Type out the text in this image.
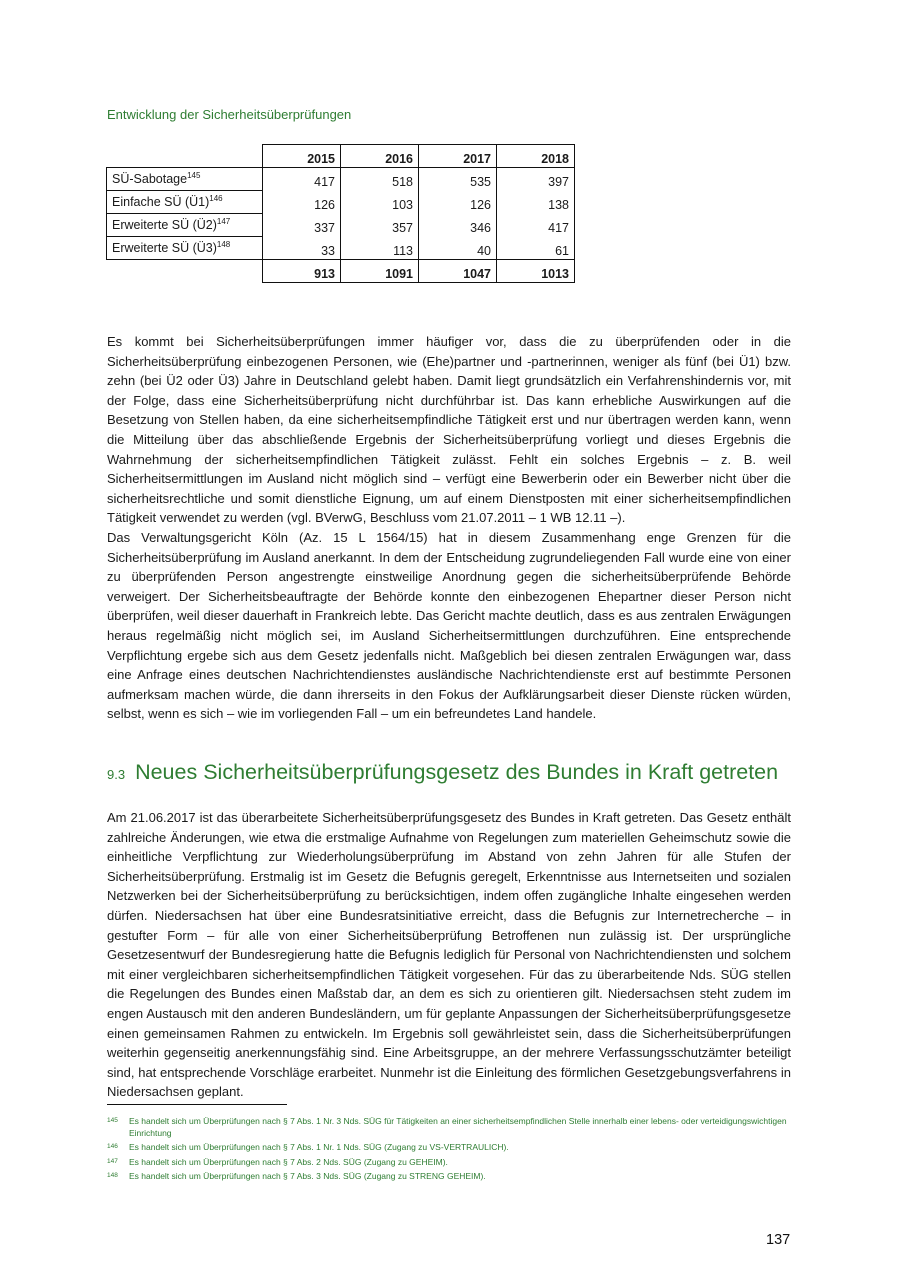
Entwicklung der Sicherheitsüberprüfungen
	2015	2016	2017	2018
SÜ-Sabotage$^{145}$	417	518	535	397
Einfache SÜ (Ü1)$^{146}$	126	103	126	138
Erweiterte SÜ (Ü2)$^{147}$	337	357	346	417
Erweiterte SÜ (Ü3)$^{148}$	33	113	40	61
	913	1091	1047	1013

Es kommt bei Sicherheitsüberprüfungen immer häufiger vor, dass die zu überprüfenden oder in die Sicherheitsüberprüfung einbezogenen Personen, wie (Ehe)partner und -partnerinnen, weniger als fünf (bei Ü1) bzw. zehn (bei Ü2 oder Ü3) Jahre in Deutschland gelebt haben. Damit liegt grundsätzlich ein Verfahrenshindernis vor, mit der Folge, dass eine Sicherheitsüberprüfung nicht durchführbar ist. Das kann erhebliche Auswirkungen auf die Besetzung von Stellen haben, da eine sicherheitsempfindliche Tätigkeit erst und nur übertragen werden kann, wenn die Mitteilung über das abschließende Ergebnis der Sicherheitsüberprüfung vorliegt und dieses Ergebnis die Wahrnehmung der sicherheitsempfindlichen Tätigkeit zulässt. Fehlt ein solches Ergebnis – z. B. weil Sicherheitsermittlungen im Ausland nicht möglich sind – verfügt eine Bewerberin oder ein Bewerber nicht über die sicherheitsrechtliche und somit dienstliche Eignung, um auf einem Dienstposten mit einer sicherheitsempfindlichen Tätigkeit verwendet zu werden (vgl. BVerwG, Beschluss vom 21.07.2011 – 1 WB 12.11 –).

Das Verwaltungsgericht Köln (Az. 15 L 1564/15) hat in diesem Zusammenhang enge Grenzen für die Sicherheitsüberprüfung im Ausland anerkannt. In dem der Entscheidung zugrundeliegenden Fall wurde eine von einer zu überprüfenden Person angestrengte einstweilige Anordnung gegen die sicherheitsüberprüfende Behörde verweigert. Der Sicherheitsbeauftragte der Behörde konnte den einbezogenen Ehepartner dieser Person nicht überprüfen, weil dieser dauerhaft in Frankreich lebte. Das Gericht machte deutlich, dass es aus zentralen Erwägungen heraus regelmäßig nicht möglich sei, im Ausland Sicherheitsermittlungen durchzuführen. Eine entsprechende Verpflichtung ergebe sich aus dem Gesetz jedenfalls nicht. Maßgeblich bei diesen zentralen Erwägungen war, dass eine Anfrage eines deutschen Nachrichtendienstes ausländische Nachrichtendienste erst auf bestimmte Personen aufmerksam machen würde, die dann ihrerseits in den Fokus der Aufklärungsarbeit dieser Dienste rücken würden, selbst, wenn es sich – wie im vorliegenden Fall – um ein befreundetes Land handele.

9.3 Neues Sicherheitsüberprüfungsgesetz des Bundes in Kraft getreten

Am 21.06.2017 ist das überarbeitete Sicherheitsüberprüfungsgesetz des Bundes in Kraft getreten. Das Gesetz enthält zahlreiche Änderungen, wie etwa die erstmalige Aufnahme von Regelungen zum materiellen Geheimschutz sowie die einheitliche Verpflichtung zur Wiederholungsüberprüfung im Abstand von zehn Jahren für alle Stufen der Sicherheitsüberprüfung. Erstmalig ist im Gesetz die Befugnis geregelt, Erkenntnisse aus Internetseiten und sozialen Netzwerken bei der Sicherheitsüberprüfung zu berücksichtigen, indem offen zugängliche Inhalte eingesehen werden dürfen. Niedersachsen hat über eine Bundesratsinitiative erreicht, dass die Befugnis zur Internetrecherche – in gestufter Form – für alle von einer Sicherheitsüberprüfung Betroffenen nun zulässig ist. Der ursprüngliche Gesetzesentwurf der Bundesregierung hatte die Befugnis lediglich für Personal von Nachrichtendiensten und solchem mit einer vergleichbaren sicherheitsempfindlichen Tätigkeit vorgesehen. Für das zu überarbeitende Nds. SÜG stellen die Regelungen des Bundes einen Maßstab dar, an dem es sich zu orientieren gilt. Niedersachsen steht zudem im engen Austausch mit den anderen Bundesländern, um für geplante Anpassungen der Sicherheitsüberprüfungsgesetze einen gemeinsamen Rahmen zu entwickeln. Im Ergebnis soll gewährleistet sein, dass die Sicherheitsüberprüfungen weiterhin gegenseitig anerkennungsfähig sind. Eine Arbeitsgruppe, an der mehrere Verfassungsschutzämter beteiligt sind, hat entsprechende Vorschläge erarbeitet. Nunmehr ist die Einleitung des förmlichen Gesetzgebungsverfahrens in Niedersachsen geplant.

145	Es handelt sich um Überprüfungen nach § 7 Abs. 1 Nr. 3 Nds. SÜG für Tätigkeiten an einer sicherheitsempfindlichen Stelle innerhalb einer lebens- oder verteidigungswichtigen Einrichtung
146	Es handelt sich um Überprüfungen nach § 7 Abs. 1 Nr. 1 Nds. SÜG (Zugang zu VS-VERTRAULICH).
147	Es handelt sich um Überprüfungen nach § 7 Abs. 2 Nds. SÜG (Zugang zu GEHEIM).
148	Es handelt sich um Überprüfungen nach § 7 Abs. 3 Nds. SÜG (Zugang zu STRENG GEHEIM).
137
